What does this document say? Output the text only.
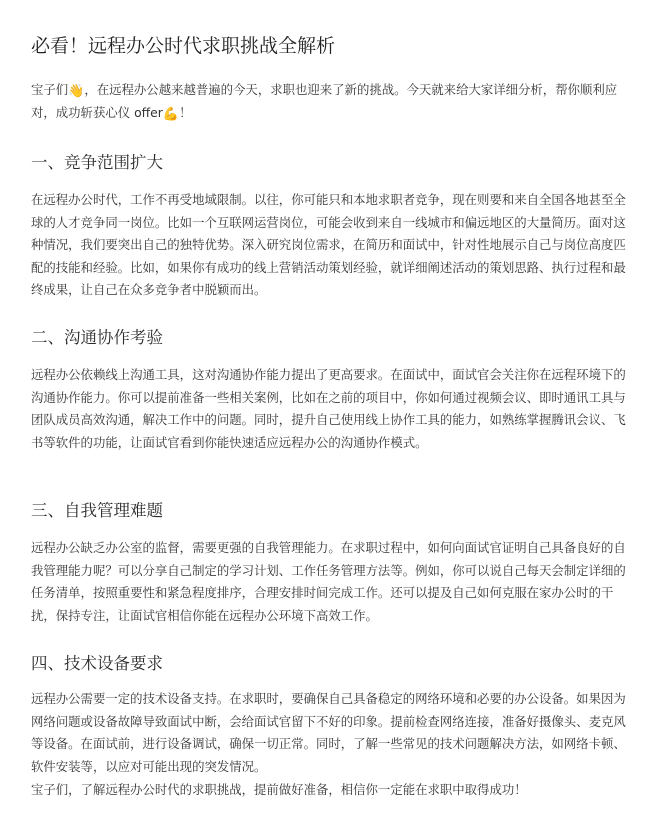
必看！远程办公时代求职挑战全解析

宝子们👋，在远程办公越来越普遍的今天，求职也迎来了新的挑战。今天就来给大家详细分析，帮你顺利应对，成功斩获心仪 offer💪！

一、竞争范围扩大

在远程办公时代，工作不再受地域限制。以往，你可能只和本地求职者竞争，现在则要和来自全国各地甚至全球的人才竞争同一岗位。比如一个互联网运营岗位，可能会收到来自一线城市和偏远地区的大量简历。面对这种情况，我们要突出自己的独特优势。深入研究岗位需求，在简历和面试中，针对性地展示自己与岗位高度匹配的技能和经验。比如，如果你有成功的线上营销活动策划经验，就详细阐述活动的策划思路、执行过程和最终成果，让自己在众多竞争者中脱颖而出。

二、沟通协作考验

远程办公依赖线上沟通工具，这对沟通协作能力提出了更高要求。在面试中，面试官会关注你在远程环境下的沟通协作能力。你可以提前准备一些相关案例，比如在之前的项目中，你如何通过视频会议、即时通讯工具与团队成员高效沟通，解决工作中的问题。同时，提升自己使用线上协作工具的能力，如熟练掌握腾讯会议、飞书等软件的功能，让面试官看到你能快速适应远程办公的沟通协作模式。

三、自我管理难题

远程办公缺乏办公室的监督，需要更强的自我管理能力。在求职过程中，如何向面试官证明自己具备良好的自我管理能力呢？可以分享自己制定的学习计划、工作任务管理方法等。例如，你可以说自己每天会制定详细的任务清单，按照重要性和紧急程度排序，合理安排时间完成工作。还可以提及自己如何克服在家办公时的干扰，保持专注，让面试官相信你能在远程办公环境下高效工作。

四、技术设备要求

远程办公需要一定的技术设备支持。在求职时，要确保自己具备稳定的网络环境和必要的办公设备。如果因为网络问题或设备故障导致面试中断，会给面试官留下不好的印象。提前检查网络连接，准备好摄像头、麦克风等设备。在面试前，进行设备调试，确保一切正常。同时，了解一些常见的技术问题解决方法，如网络卡顿、软件安装等，以应对可能出现的突发情况。

宝子们，了解远程办公时代的求职挑战，提前做好准备，相信你一定能在求职中取得成功！
